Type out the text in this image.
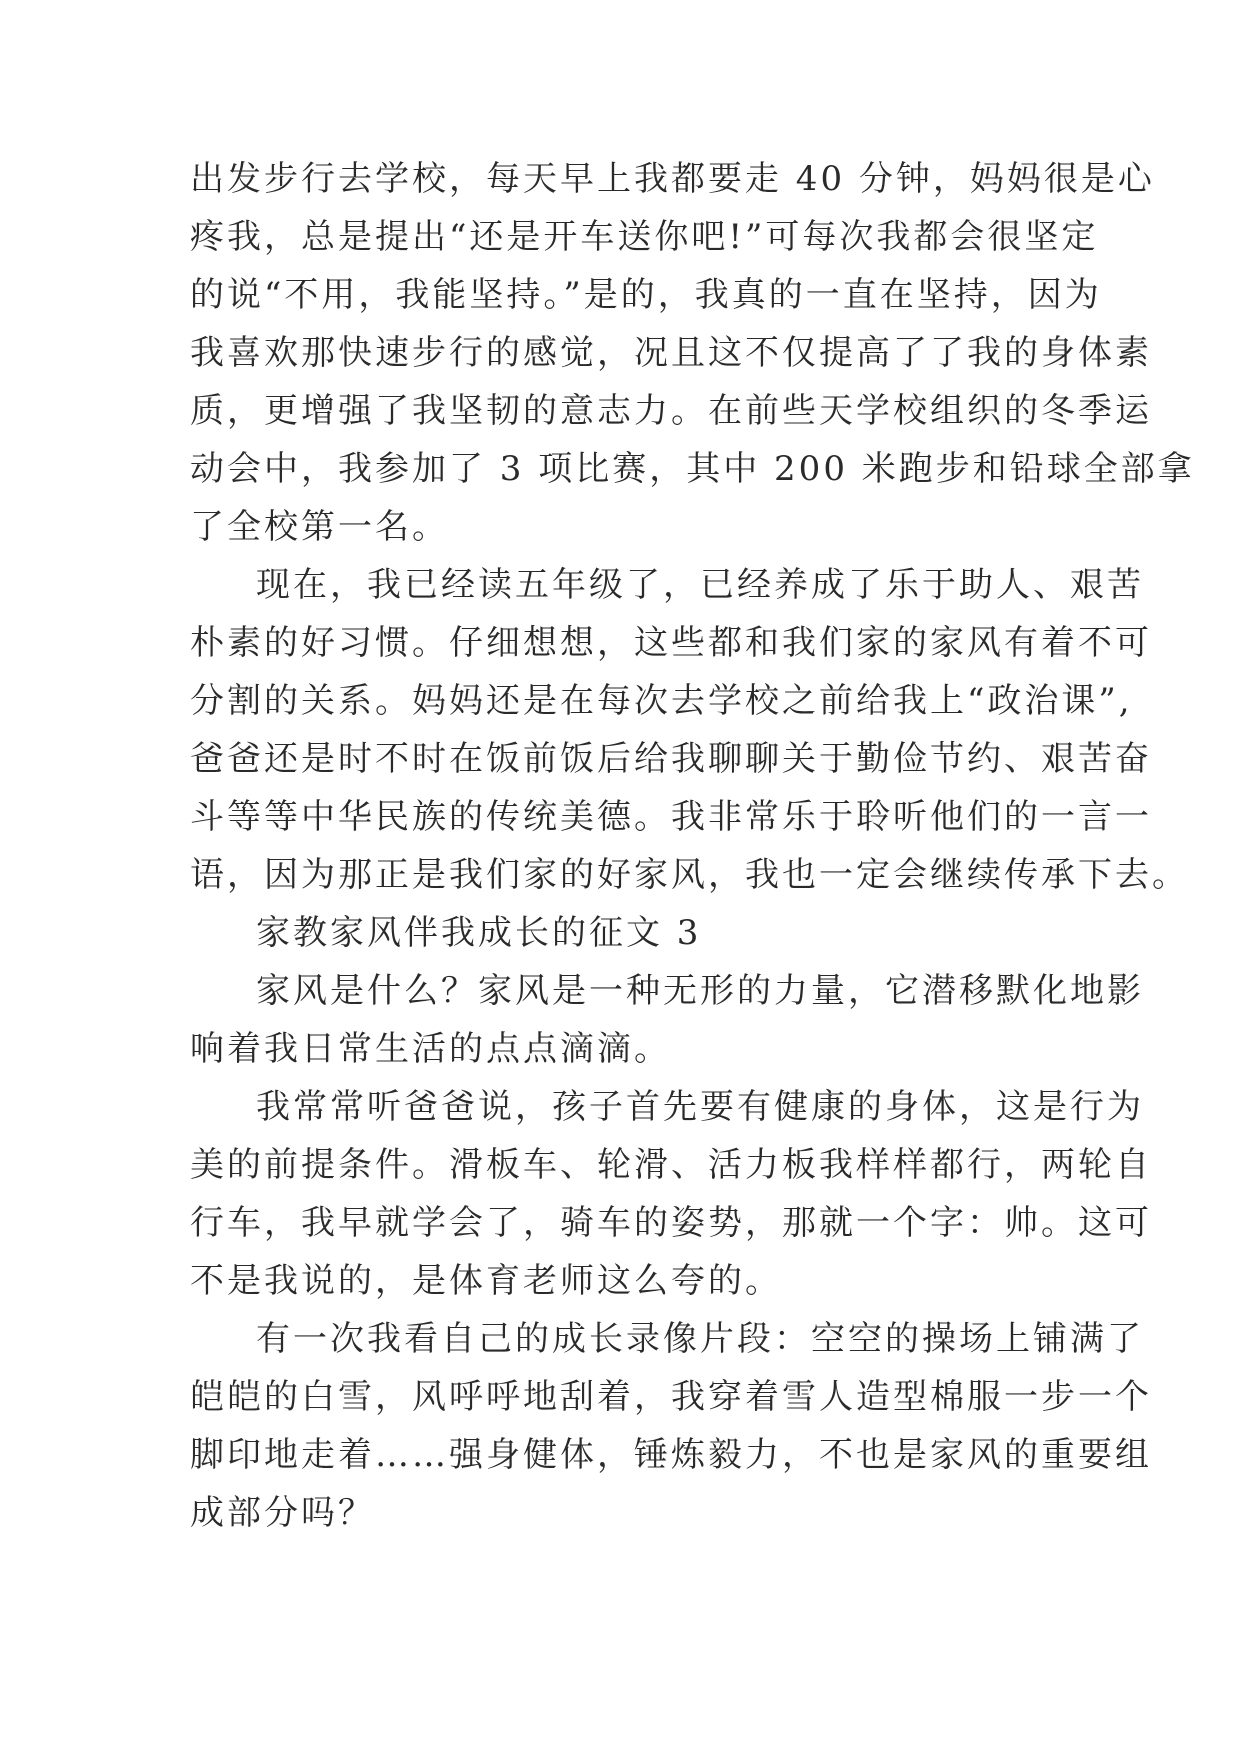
出发步行去学校，每天早上我都要走 40 分钟，妈妈很是心
疼我，总是提出“还是开车送你吧!”可每次我都会很坚定
的说“不用，我能坚持。”是的，我真的一直在坚持，因为
我喜欢那快速步行的感觉，况且这不仅提高了了我的身体素
质，更增强了我坚韧的意志力。在前些天学校组织的冬季运
动会中，我参加了 3 项比赛，其中 200 米跑步和铅球全部拿
了全校第一名。
现在，我已经读五年级了，已经养成了乐于助人、艰苦
朴素的好习惯。仔细想想，这些都和我们家的家风有着不可
分割的关系。妈妈还是在每次去学校之前给我上“政治课”,
爸爸还是时不时在饭前饭后给我聊聊关于勤俭节约、艰苦奋
斗等等中华民族的传统美德。我非常乐于聆听他们的一言一
语，因为那正是我们家的好家风，我也一定会继续传承下去。
家教家风伴我成长的征文 3
家风是什么？家风是一种无形的力量，它潜移默化地影
响着我日常生活的点点滴滴。
我常常听爸爸说，孩子首先要有健康的身体，这是行为
美的前提条件。滑板车、轮滑、活力板我样样都行，两轮自
行车，我早就学会了，骑车的姿势，那就一个字：帅。这可
不是我说的，是体育老师这么夸的。
有一次我看自己的成长录像片段：空空的操场上铺满了
皑皑的白雪，风呼呼地刮着，我穿着雪人造型棉服一步一个
脚印地走着……强身健体，锤炼毅力，不也是家风的重要组
成部分吗？
